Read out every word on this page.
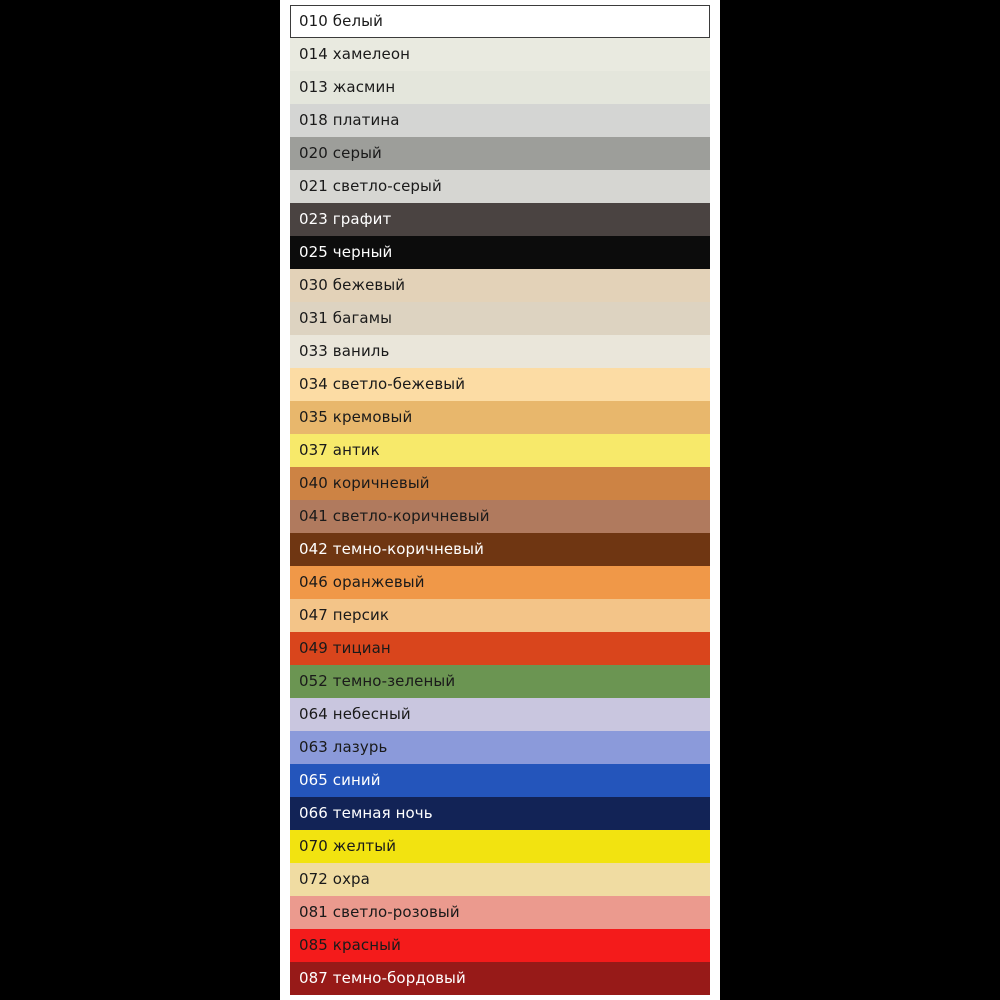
010 белый
014 хамелеон
013 жасмин
018 платина
020 серый
021 светло-серый
023 графит
025 черный
030 бежевый
031 багамы
033 ваниль
034 светло-бежевый
035 кремовый
037 антик
040 коричневый
041 светло-коричневый
042 темно-коричневый
046 оранжевый
047 персик
049 тициан
052 темно-зеленый
064 небесный
063 лазурь
065 синий
066 темная ночь
070 желтый
072 охра
081 светло-розовый
085 красный
087 темно-бордовый
